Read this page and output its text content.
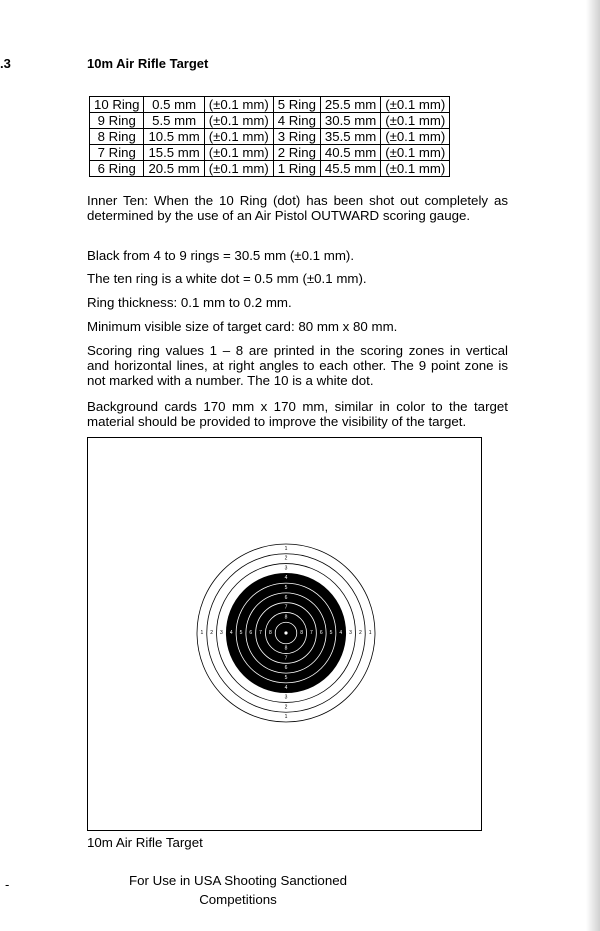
.3	10m Air Rifle Target
10 Ring	0.5 mm	(±0.1 mm)	5 Ring	25.5 mm	(±0.1 mm)
9 Ring	5.5 mm	(±0.1 mm)	4 Ring	30.5 mm	(±0.1 mm)
8 Ring	10.5 mm	(±0.1 mm)	3 Ring	35.5 mm	(±0.1 mm)
7 Ring	15.5 mm	(±0.1 mm)	2 Ring	40.5 mm	(±0.1 mm)
6 Ring	20.5 mm	(±0.1 mm)	1 Ring	45.5 mm	(±0.1 mm)
Inner Ten: When the 10 Ring (dot) has been shot out completely as determined by the use of an Air Pistol OUTWARD scoring gauge.
Black from 4 to 9 rings = 30.5 mm (±0.1 mm).
The ten ring is a white dot = 0.5 mm (±0.1 mm).
Ring thickness: 0.1 mm to 0.2 mm.
Minimum visible size of target card: 80 mm x 80 mm.
Scoring ring values 1 – 8 are printed in the scoring zones in vertical and horizontal lines, at right angles to each other. The 9 point zone is not marked with a number. The 10 is a white dot.
Background cards 170 mm x 170 mm, similar in color to the target material should be provided to improve the visibility of the target.
1
1
1	1
2
2
2	2
3
3
3	3
4
4
4	4
5
5
5	5
6
6
6	6
7
7
7	7
8
8
8	8
10m Air Rifle Target
-	For Use in USA Shooting Sanctioned
Competitions
